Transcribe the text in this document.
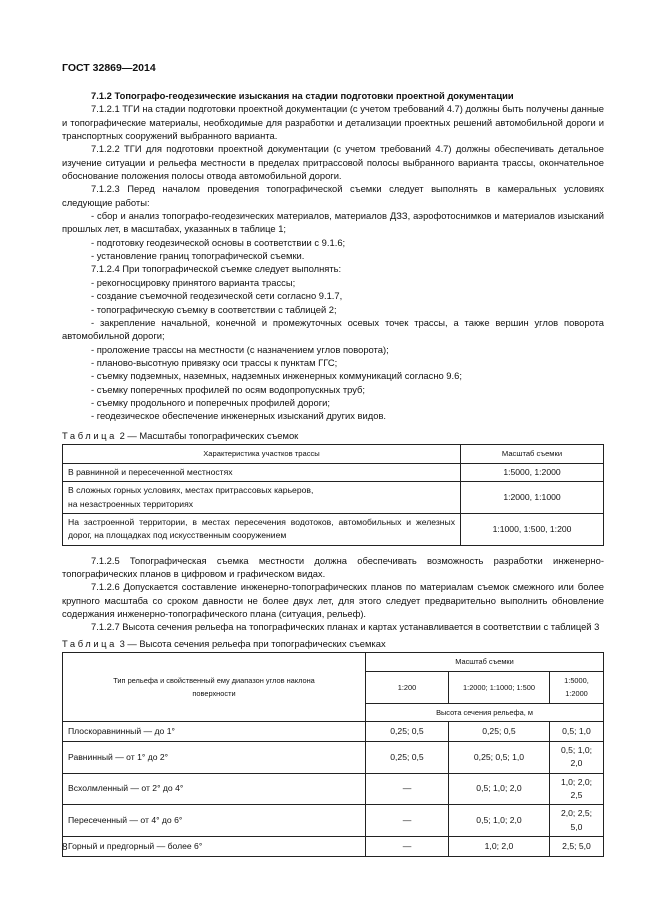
ГОСТ 32869—2014

7.1.2 Топографо-геодезические изыскания на стадии подготовки проектной документации

7.1.2.1 ТГИ на стадии подготовки проектной документации (с учетом требований 4.7) должны быть получены данные и топографические материалы, необходимые для разработки и детализации проектных решений автомобильной дороги и транспортных сооружений выбранного варианта.

7.1.2.2 ТГИ для подготовки проектной документации (с учетом требований 4.7) должны обеспечивать детальное изучение ситуации и рельефа местности в пределах притрассовой полосы выбранного варианта трассы, окончательное обоснование положения полосы отвода автомобильной дороги.

7.1.2.3 Перед началом проведения топографической съемки следует выполнять в камеральных условиях следующие работы:

- сбор и анализ топографо-геодезических материалов, материалов ДЗЗ, аэрофотоснимков и материалов изысканий прошлых лет, в масштабах, указанных в таблице 1;

- подготовку геодезической основы в соответствии с 9.1.6;

- установление границ топографической съемки.

7.1.2.4 При топографической съемке следует выполнять:

- рекогносцировку принятого варианта трассы;

- создание съемочной геодезической сети согласно 9.1.7,

- топографическую съемку в соответствии с таблицей 2;

- закрепление начальной, конечной и промежуточных осевых точек трассы, а также вершин углов поворота автомобильной дороги;

- проложение трассы на местности (с назначением углов поворота);

- планово-высотную привязку оси трассы к пунктам ГГС;

- съемку подземных, наземных, надземных инженерных коммуникаций согласно 9.6;

- съемку поперечных профилей по осям водопропускных труб;

- съемку продольного и поперечных профилей дороги;

- геодезическое обеспечение инженерных изысканий других видов.

Таблица 2 — Масштабы топографических съемок

Характеристика участков трассы	Масштаб съемки
В равнинной и пересеченной местностях	1:5000, 1:2000
В сложных горных условиях, местах притрассовых карьеров, на незастроенных территориях	1:2000, 1:1000
На застроенной территории, в местах пересечения водотоков, автомобильных и железных дорог, на площадках под искусственным сооружением	1:1000, 1:500, 1:200

7.1.2.5 Топографическая съемка местности должна обеспечивать возможность разработки инженерно-топографических планов в цифровом и графическом видах.

7.1.2.6 Допускается составление инженерно-топографических планов по материалам съемок смежного или более крупного масштаба со сроком давности не более двух лет, для этого следует предварительно выполнить обновление содержания инженерно-топографического плана (ситуация, рельеф).

7.1.2.7 Высота сечения рельефа на топографических планах и картах устанавливается в соответствии с таблицей 3

Таблица 3 — Высота сечения рельефа при топографических съемках

Тип рельефа и свойственный ему диапазон углов наклона поверхности	Масштаб съемки		
	1:200	1:2000; 1:1000; 1:500	1:5000, 1:2000
	Высота сечения рельефа, м		
Плоскоравнинный — до 1°	0,25; 0,5	0,25; 0,5	0,5; 1,0
Равнинный — от 1° до 2°	0,25; 0,5	0,25; 0,5; 1,0	0,5; 1,0; 2,0
Всхолмленный — от 2° до 4°	—	0,5; 1,0; 2,0	1,0; 2,0; 2,5
Пересеченный — от 4° до 6°	—	0,5; 1,0; 2,0	2,0; 2,5; 5,0
Горный и предгорный — более 6°	—	1,0; 2,0	2,5; 5,0
8
